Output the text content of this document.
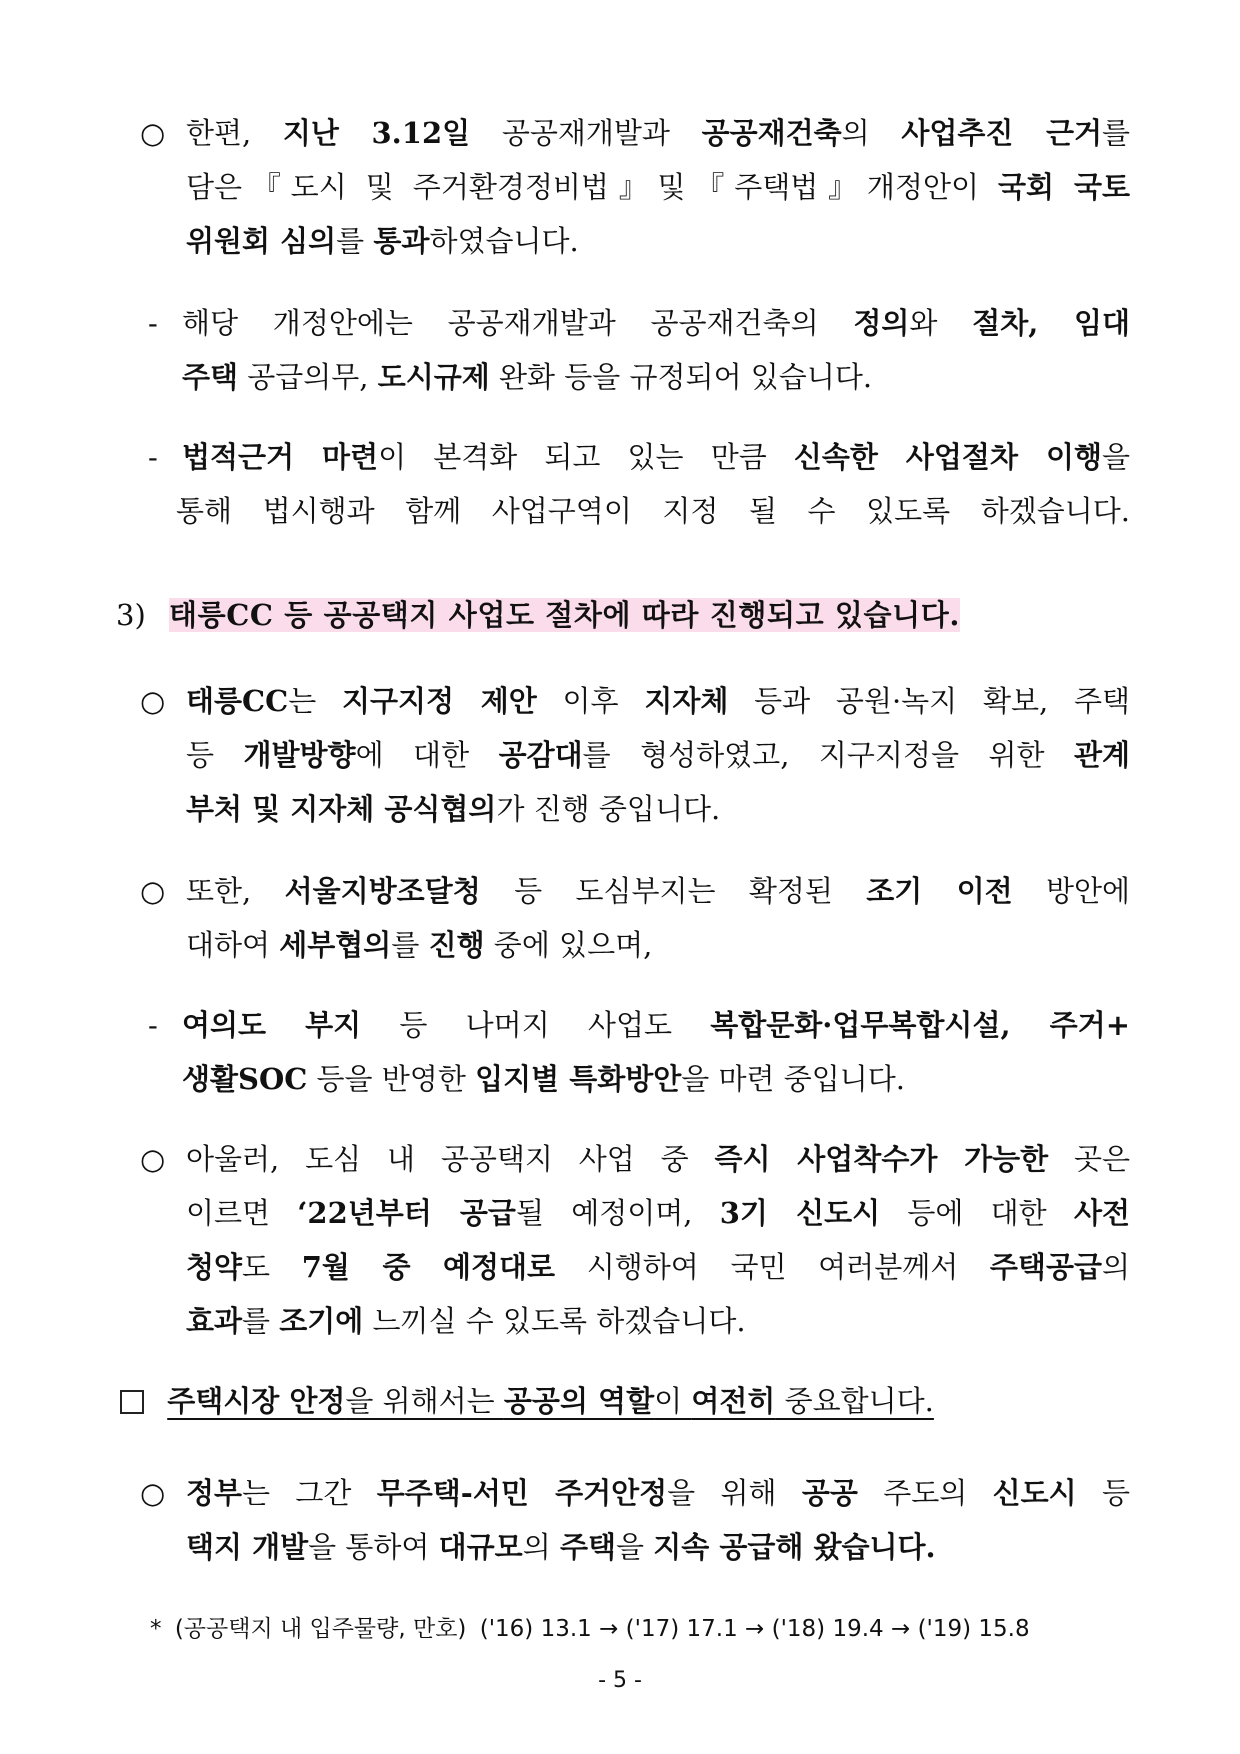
○ 한편, 지난 3.12일 공공재개발과 공공재건축의 사업추진 근거를
담은『도시 및 주거환경정비법』및『주택법』개정안이 국회 국토
위원회 심의를 통과하였습니다.
- 해당 개정안에는 공공재개발과 공공재건축의 정의와 절차, 임대
주택 공급의무, 도시규제 완화 등을 규정되어 있습니다.
- 법적근거 마련이 본격화 되고 있는 만큼 신속한 사업절차 이행을
통해 법시행과 함께 사업구역이 지정 될 수 있도록 하겠습니다.
3) 태릉CC 등 공공택지 사업도 절차에 따라 진행되고 있습니다.
○ 태릉CC는 지구지정 제안 이후 지자체 등과 공원·녹지 확보, 주택
등 개발방향에 대한 공감대를 형성하였고, 지구지정을 위한 관계
부처 및 지자체 공식협의가 진행 중입니다.
○ 또한, 서울지방조달청 등 도심부지는 확정된 조기 이전 방안에
대하여 세부협의를 진행 중에 있으며,
- 여의도 부지 등 나머지 사업도 복합문화·업무복합시설, 주거+
생활SOC 등을 반영한 입지별 특화방안을 마련 중입니다.
○ 아울러, 도심 내 공공택지 사업 중 즉시 사업착수가 가능한 곳은
이르면 ‘22년부터 공급될 예정이며, 3기 신도시 등에 대한 사전
청약도 7월 중 예정대로 시행하여 국민 여러분께서 주택공급의
효과를 조기에 느끼실 수 있도록 하겠습니다.
주택시장 안정을 위해서는 공공의 역할이 여전히 중요합니다.
○ 정부는 그간 무주택-서민 주거안정을 위해 공공 주도의 신도시 등
택지 개발을 통하여 대규모의 주택을 지속 공급해 왔습니다.
* (공공택지 내 입주물량, 만호) ('16) 13.1 → ('17) 17.1 → ('18) 19.4 → ('19) 15.8
- 5 -
